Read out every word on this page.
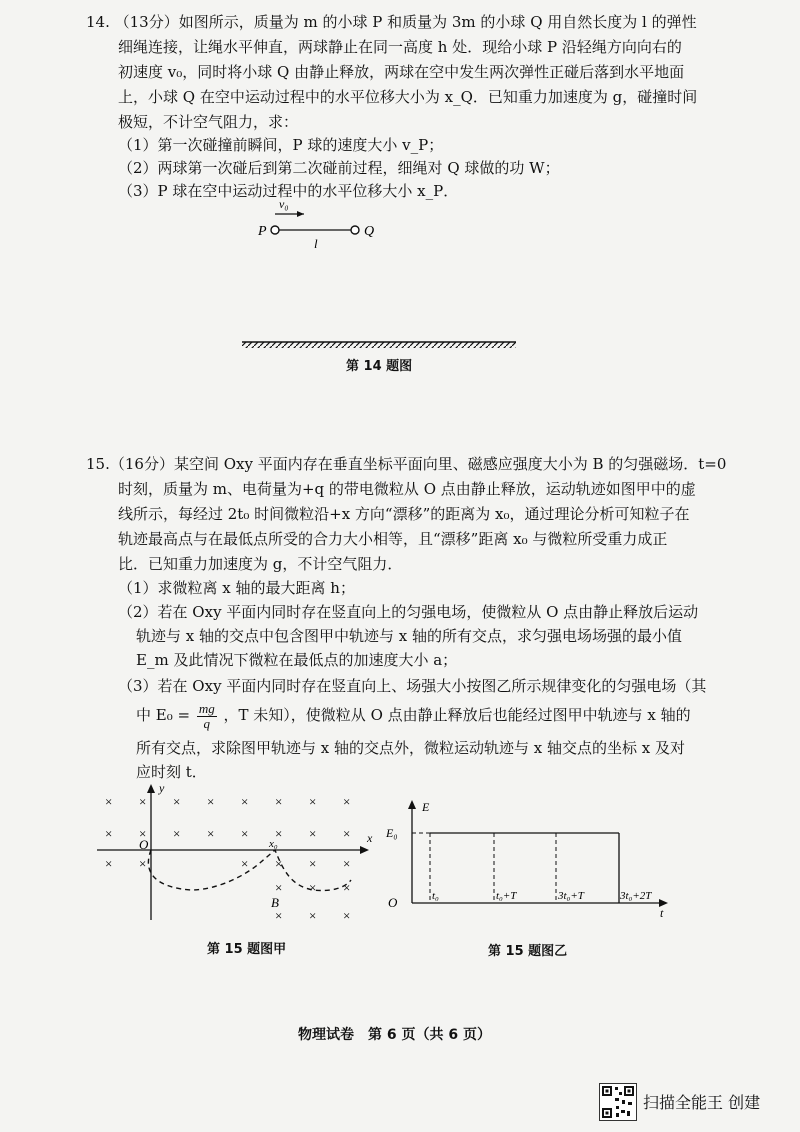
14. （13分）如图所示，质量为 m 的小球 P 和质量为 3m 的小球 Q 用自然长度为 l 的弹性
细绳连接，让绳水平伸直，两球静止在同一高度 h 处．现给小球 P 沿轻绳方向向右的
初速度 v₀，同时将小球 Q 由静止释放，两球在空中发生两次弹性正碰后落到水平地面
上，小球 Q 在空中运动过程中的水平位移大小为 x_Q．已知重力加速度为 g，碰撞时间
极短，不计空气阻力，求：
（1）第一次碰撞前瞬间，P 球的速度大小 v_P；
（2）两球第一次碰后到第二次碰前过程，细绳对 Q 球做的功 W；
（3）P 球在空中运动过程中的水平位移大小 x_P．
v₀
P	Q
l
第 14 题图
15.（16分）某空间 Oxy 平面内存在垂直坐标平面向里、磁感应强度大小为 B 的匀强磁场．t=0
时刻，质量为 m、电荷量为+q 的带电微粒从 O 点由静止释放，运动轨迹如图甲中的虚
线所示，每经过 2t₀ 时间微粒沿+x 方向“漂移”的距离为 x₀，通过理论分析可知粒子在
轨迹最高点与在最低点所受的合力大小相等，且“漂移”距离 x₀ 与微粒所受重力成正
比．已知重力加速度为 g，不计空气阻力．
（1）求微粒离 x 轴的最大距离 h；
（2）若在 Oxy 平面内同时存在竖直向上的匀强电场，使微粒从 O 点由静止释放后运动
轨迹与 x 轴的交点中包含图甲中轨迹与 x 轴的所有交点，求匀强电场场强的最小值
E_m 及此情况下微粒在最低点的加速度大小 a；
（3）若在 Oxy 平面内同时存在竖直向上、场强大小按图乙所示规律变化的匀强电场（其
中 $E_0 = \frac{mg}{q}$ ，T 未知），使微粒从 O 点由静止释放后也能经过图甲中轨迹与 x 轴的
所有交点，求除图甲轨迹与 x 轴的交点外，微粒运动轨迹与 x 轴交点的坐标 x 及对
应时刻 t．
y
x
O	x₀
B
× × × × × × × ×
× × × × × × × ×
× ×	× × × ×
× × ×
× × ×
第 15 题图甲
E
t
E₀
O	t₀	t₀+T	3t₀+T	3t₀+2T
第 15 题图乙
物理试卷　第 6 页（共 6 页）
扫描全能王 创建
